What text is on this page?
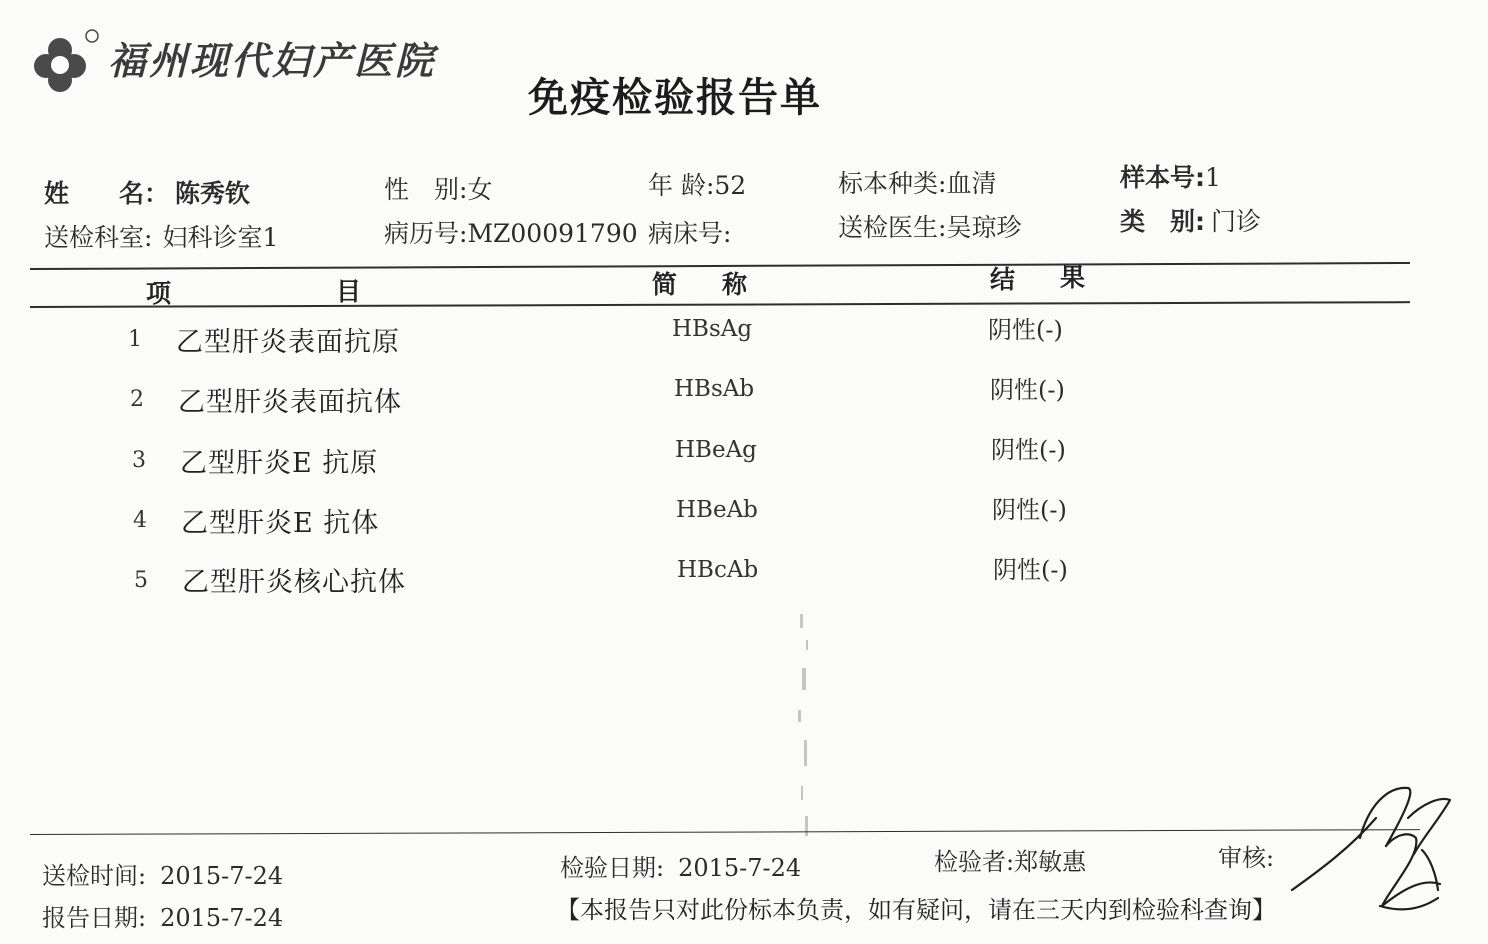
福州现代妇产医院
免疫检验报告单
姓　　名： 陈秀钦	性　别:女	年 龄:52	标本种类:血清	样本号:1
送检科室: 妇科诊室1	病历号:MZ00091790 病床号:	送检医生:吴琼珍	类　别: 门诊
项	目	简 称	结 果
1 乙型肝炎表面抗原	HBsAg	阴性(-)
2 乙型肝炎表面抗体	HBsAb	阴性(-)
3 乙型肝炎E 抗原	HBeAg	阴性(-)
4 乙型肝炎E 抗体	HBeAb	阴性(-)
5 乙型肝炎核心抗体	HBcAb	阴性(-)
送检时间: 2015-7-24
报告日期: 2015-7-24
检验日期: 2015-7-24	检验者:郑敏惠	审核:
【本报告只对此份标本负责，如有疑问，请在三天内到检验科查询】
